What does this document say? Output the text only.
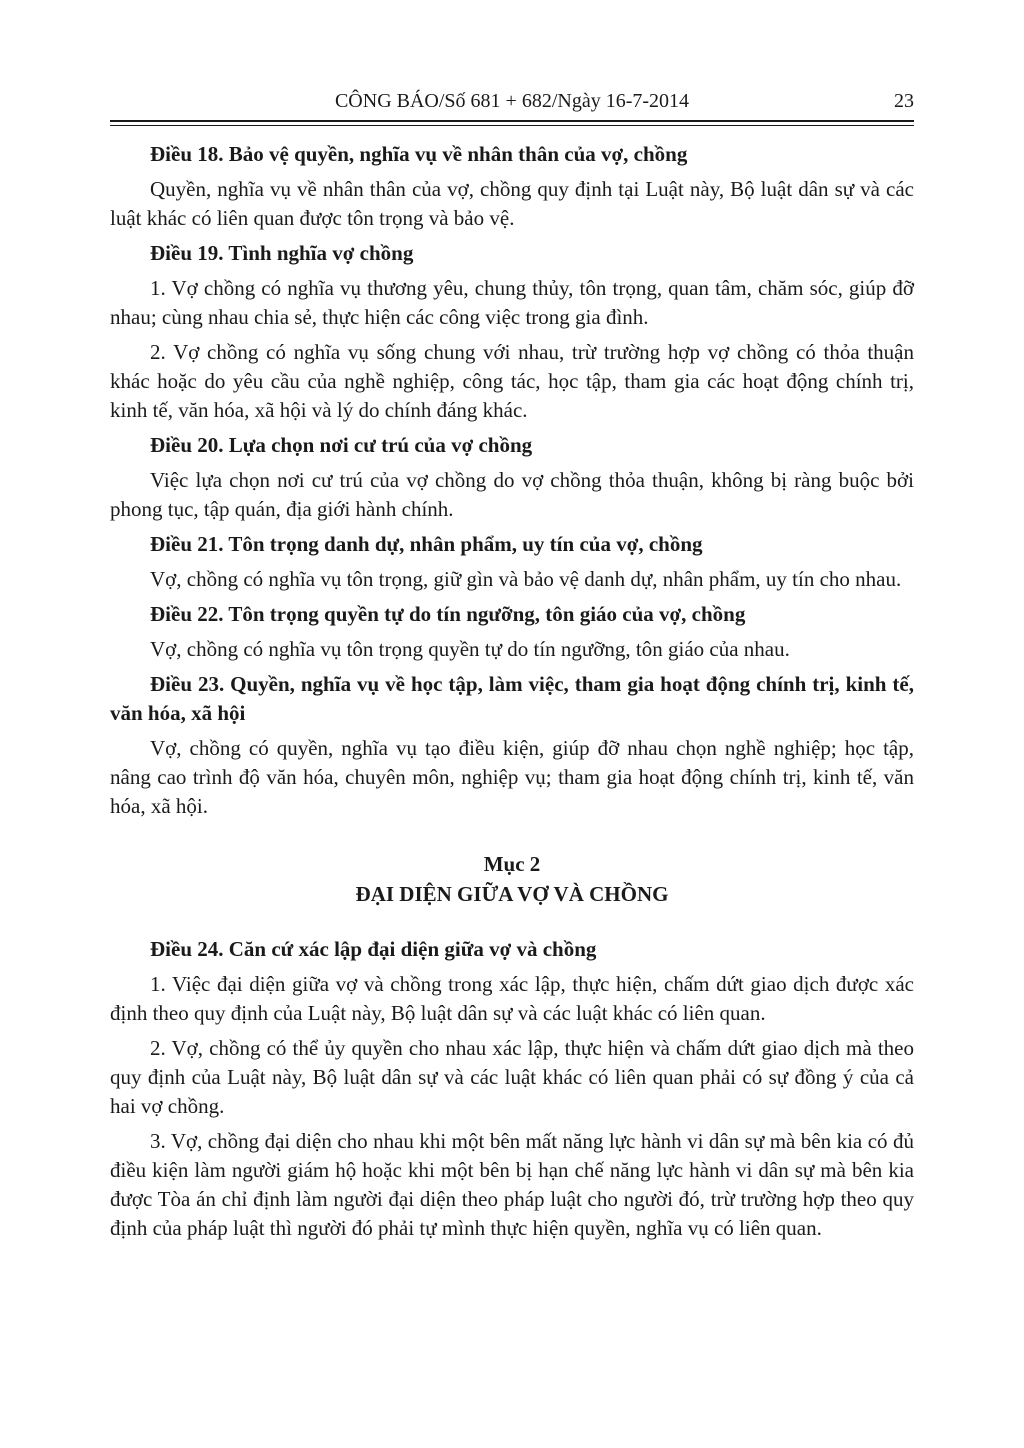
CÔNG BÁO/Số 681 + 682/Ngày 16-7-2014	23

Điều 18. Bảo vệ quyền, nghĩa vụ về nhân thân của vợ, chồng

Quyền, nghĩa vụ về nhân thân của vợ, chồng quy định tại Luật này, Bộ luật dân sự và các luật khác có liên quan được tôn trọng và bảo vệ.

Điều 19. Tình nghĩa vợ chồng

1. Vợ chồng có nghĩa vụ thương yêu, chung thủy, tôn trọng, quan tâm, chăm sóc, giúp đỡ nhau; cùng nhau chia sẻ, thực hiện các công việc trong gia đình.

2. Vợ chồng có nghĩa vụ sống chung với nhau, trừ trường hợp vợ chồng có thỏa thuận khác hoặc do yêu cầu của nghề nghiệp, công tác, học tập, tham gia các hoạt động chính trị, kinh tế, văn hóa, xã hội và lý do chính đáng khác.

Điều 20. Lựa chọn nơi cư trú của vợ chồng

Việc lựa chọn nơi cư trú của vợ chồng do vợ chồng thỏa thuận, không bị ràng buộc bởi phong tục, tập quán, địa giới hành chính.

Điều 21. Tôn trọng danh dự, nhân phẩm, uy tín của vợ, chồng

Vợ, chồng có nghĩa vụ tôn trọng, giữ gìn và bảo vệ danh dự, nhân phẩm, uy tín cho nhau.

Điều 22. Tôn trọng quyền tự do tín ngưỡng, tôn giáo của vợ, chồng

Vợ, chồng có nghĩa vụ tôn trọng quyền tự do tín ngưỡng, tôn giáo của nhau.

Điều 23. Quyền, nghĩa vụ về học tập, làm việc, tham gia hoạt động chính trị, kinh tế, văn hóa, xã hội

Vợ, chồng có quyền, nghĩa vụ tạo điều kiện, giúp đỡ nhau chọn nghề nghiệp; học tập, nâng cao trình độ văn hóa, chuyên môn, nghiệp vụ; tham gia hoạt động chính trị, kinh tế, văn hóa, xã hội.

Mục 2
ĐẠI DIỆN GIỮA VỢ VÀ CHỒNG

Điều 24. Căn cứ xác lập đại diện giữa vợ và chồng

1. Việc đại diện giữa vợ và chồng trong xác lập, thực hiện, chấm dứt giao dịch được xác định theo quy định của Luật này, Bộ luật dân sự và các luật khác có liên quan.

2. Vợ, chồng có thể ủy quyền cho nhau xác lập, thực hiện và chấm dứt giao dịch mà theo quy định của Luật này, Bộ luật dân sự và các luật khác có liên quan phải có sự đồng ý của cả hai vợ chồng.

3. Vợ, chồng đại diện cho nhau khi một bên mất năng lực hành vi dân sự mà bên kia có đủ điều kiện làm người giám hộ hoặc khi một bên bị hạn chế năng lực hành vi dân sự mà bên kia được Tòa án chỉ định làm người đại diện theo pháp luật cho người đó, trừ trường hợp theo quy định của pháp luật thì người đó phải tự mình thực hiện quyền, nghĩa vụ có liên quan.
